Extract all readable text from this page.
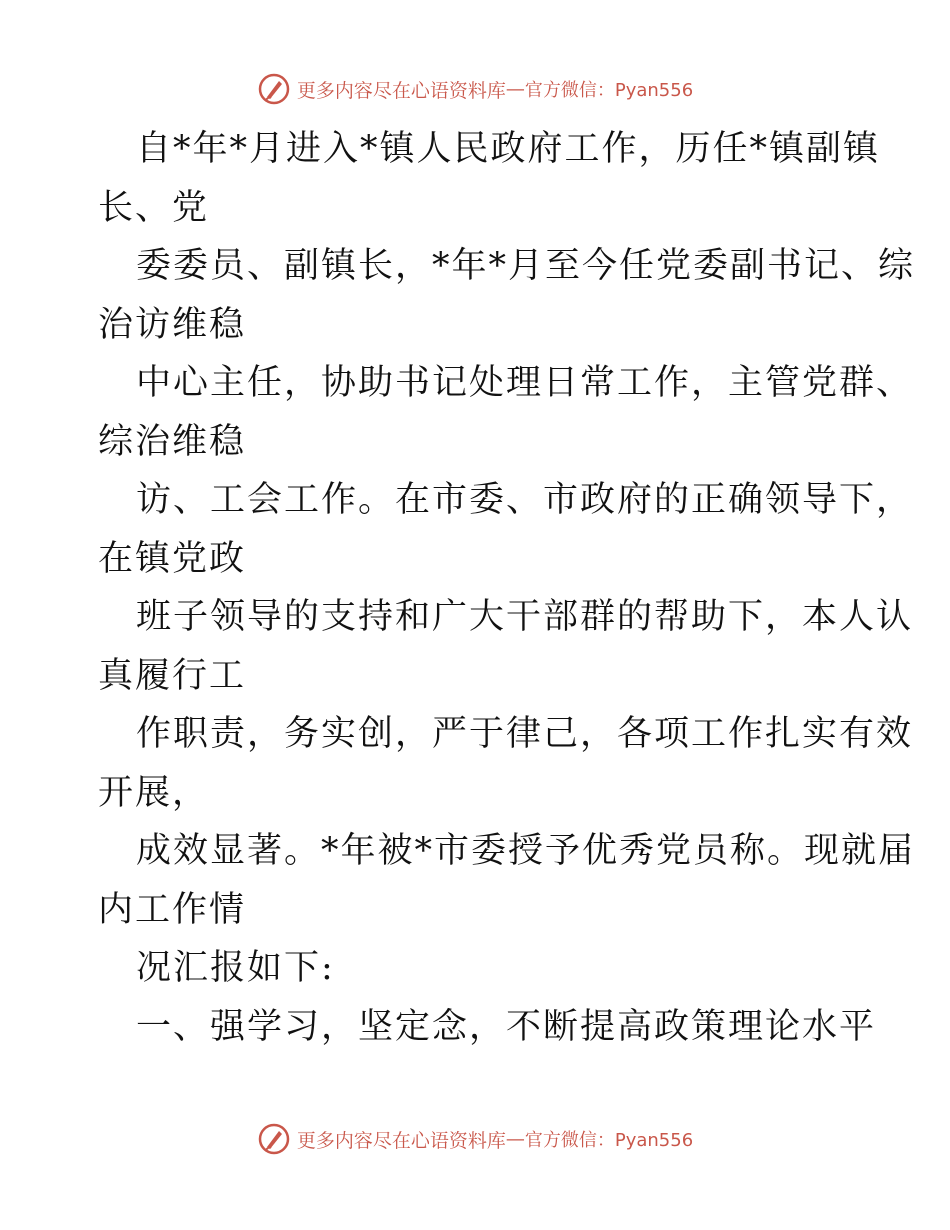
更多内容尽在心语资料库 — 官方微信：Pyan556
自*年*月进入*镇人民政府工作，历任*镇副镇
长、党
委委员、副镇长，*年*月至今任党委副书记、综
治访维稳
中心主任，协助书记处理日常工作，主管党群、
综治维稳
访、工会工作。在市委、市政府的正确领导下，
在镇党政
班子领导的支持和广大干部群的帮助下，本人认
真履行工
作职责，务实创，严于律己，各项工作扎实有效
开展，
成效显著。*年被*市委授予优秀党员称。现就届
内工作情
况汇报如下:
一、强学习，坚定念，不断提高政策理论水平
更多内容尽在心语资料库 — 官方微信：Pyan556
